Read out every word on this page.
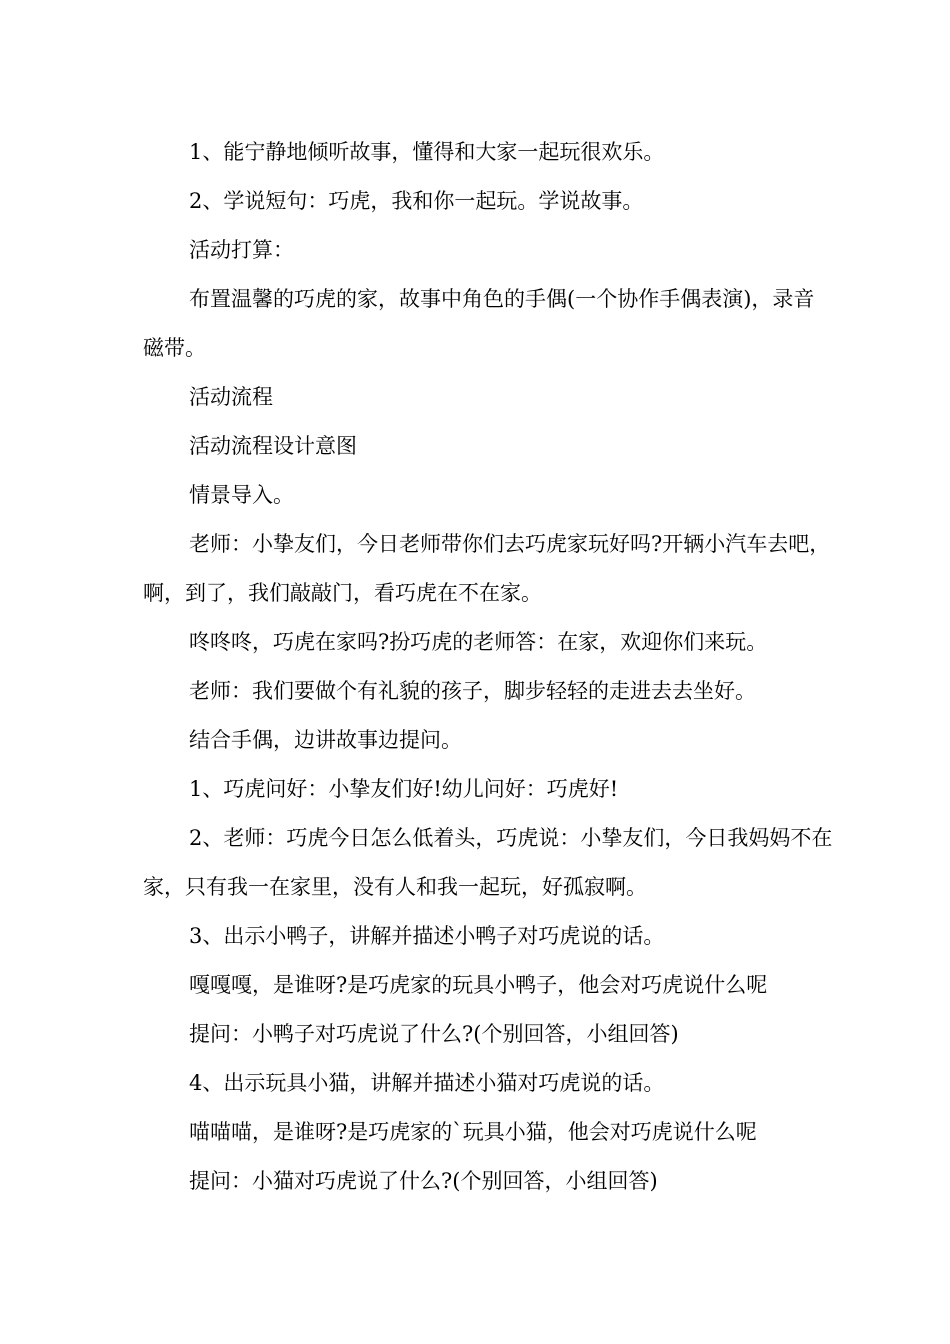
1、能宁静地倾听故事，懂得和大家一起玩很欢乐。

2、学说短句：巧虎，我和你一起玩。学说故事。

活动打算：

布置温馨的巧虎的家，故事中角色的手偶(一个协作手偶表演)，录音磁带。

活动流程

活动流程设计意图

情景导入。

老师：小挚友们，今日老师带你们去巧虎家玩好吗?开辆小汽车去吧，啊，到了，我们敲敲门，看巧虎在不在家。

咚咚咚，巧虎在家吗?扮巧虎的老师答：在家，欢迎你们来玩。

老师：我们要做个有礼貌的孩子，脚步轻轻的走进去去坐好。

结合手偶，边讲故事边提问。

1、巧虎问好：小挚友们好!幼儿问好：巧虎好!

2、老师：巧虎今日怎么低着头，巧虎说：小挚友们，今日我妈妈不在家，只有我一在家里，没有人和我一起玩，好孤寂啊。

3、出示小鸭子，讲解并描述小鸭子对巧虎说的话。

嘎嘎嘎，是谁呀?是巧虎家的玩具小鸭子，他会对巧虎说什么呢

提问：小鸭子对巧虎说了什么?(个别回答，小组回答)

4、出示玩具小猫，讲解并描述小猫对巧虎说的话。

喵喵喵，是谁呀?是巧虎家的`玩具小猫，他会对巧虎说什么呢

提问：小猫对巧虎说了什么?(个别回答，小组回答)
